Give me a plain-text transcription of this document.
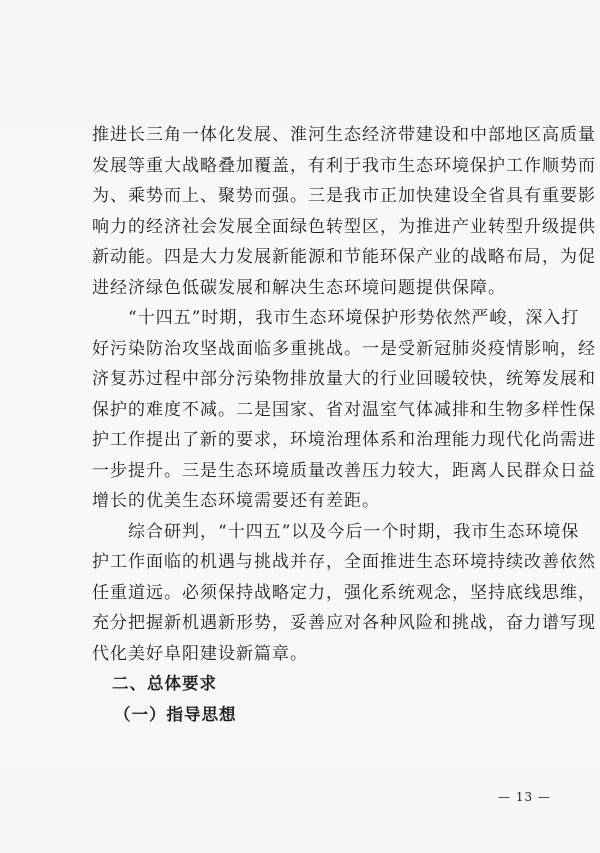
推进长三角一体化发展、淮河生态经济带建设和中部地区高质量
发展等重大战略叠加覆盖，有利于我市生态环境保护工作顺势而
为、乘势而上、聚势而强。三是我市正加快建设全省具有重要影
响力的经济社会发展全面绿色转型区，为推进产业转型升级提供
新动能。四是大力发展新能源和节能环保产业的战略布局，为促
进经济绿色低碳发展和解决生态环境问题提供保障。
“十四五”时期，我市生态环境保护形势依然严峻，深入打
好污染防治攻坚战面临多重挑战。一是受新冠肺炎疫情影响，经
济复苏过程中部分污染物排放量大的行业回暖较快，统筹发展和
保护的难度不减。二是国家、省对温室气体减排和生物多样性保
护工作提出了新的要求，环境治理体系和治理能力现代化尚需进
一步提升。三是生态环境质量改善压力较大，距离人民群众日益
增长的优美生态环境需要还有差距。
综合研判，“十四五”以及今后一个时期，我市生态环境保
护工作面临的机遇与挑战并存，全面推进生态环境持续改善依然
任重道远。必须保持战略定力，强化系统观念，坚持底线思维，
充分把握新机遇新形势，妥善应对各种风险和挑战，奋力谱写现
代化美好阜阳建设新篇章。
二、总体要求
（一）指导思想
— 13 —
